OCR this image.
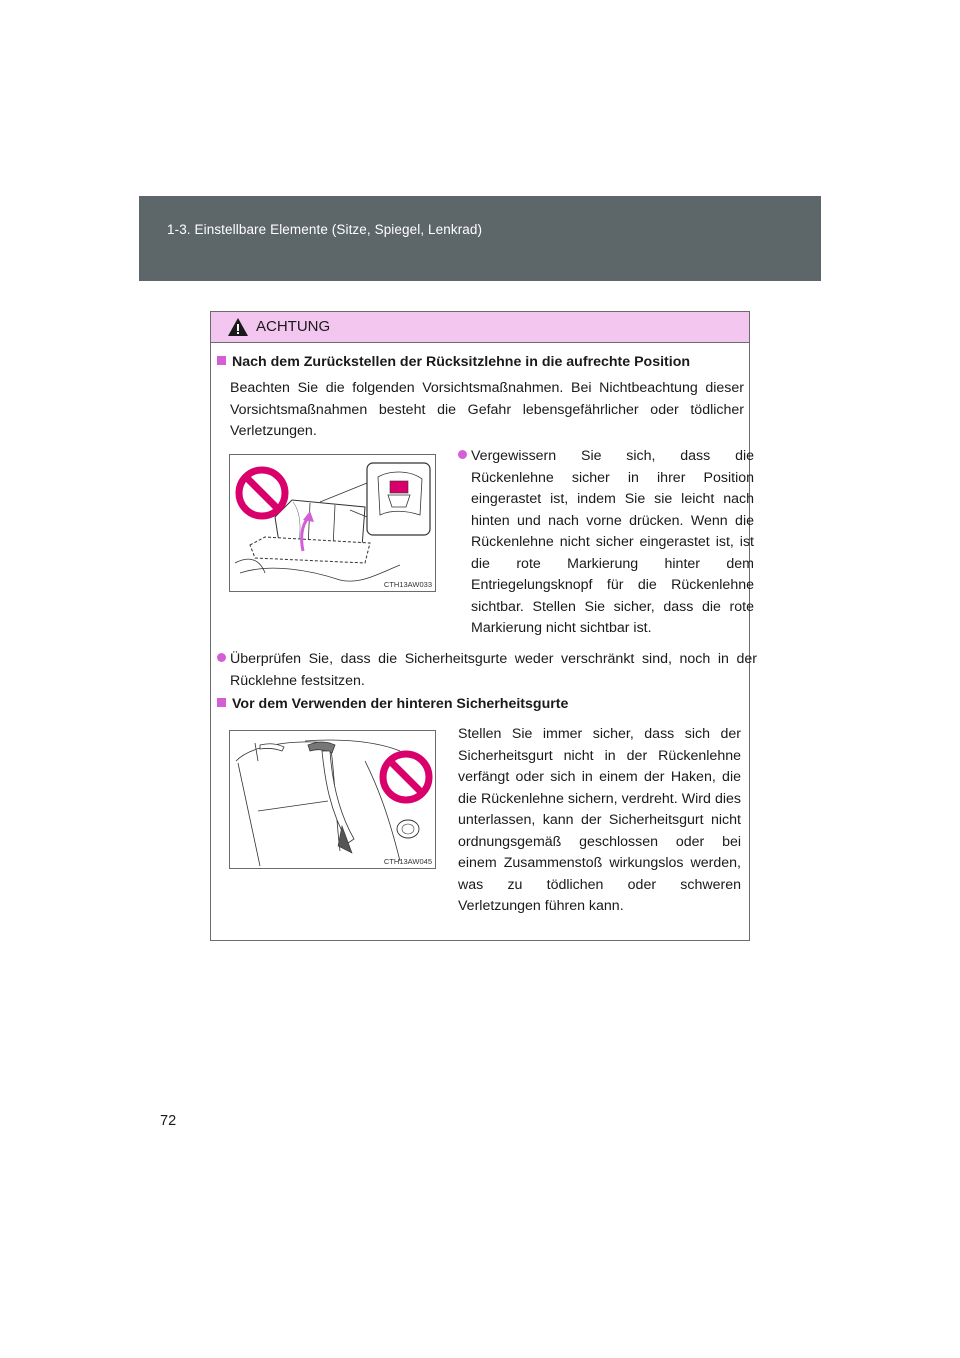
1-3. Einstellbare Elemente (Sitze, Spiegel, Lenkrad)
ACHTUNG
Nach dem Zurückstellen der Rücksitzlehne in die aufrechte Position
Beachten Sie die folgenden Vorsichtsmaßnahmen. Bei Nichtbeachtung dieser Vorsichtsmaßnahmen besteht die Gefahr lebensgefährlicher oder tödlicher Verletzungen.
CTH13AW033
Vergewissern Sie sich, dass die Rückenlehne sicher in ihrer Position eingerastet ist, indem Sie sie leicht nach hinten und nach vorne drücken. Wenn die Rückenlehne nicht sicher eingerastet ist, ist die rote Markierung hinter dem Entriegelungsknopf für die Rückenlehne sichtbar. Stellen Sie sicher, dass die rote Markierung nicht sichtbar ist.
Überprüfen Sie, dass die Sicherheitsgurte weder verschränkt sind, noch in der Rücklehne festsitzen.
Vor dem Verwenden der hinteren Sicherheitsgurte
CTH13AW045
Stellen Sie immer sicher, dass sich der Sicherheitsgurt nicht in der Rückenlehne verfängt oder sich in einem der Haken, die die Rückenlehne sichern, verdreht. Wird dies unterlassen, kann der Sicherheitsgurt nicht ordnungsgemäß geschlossen oder bei einem Zusammenstoß wirkungslos werden, was zu tödlichen oder schweren Verletzungen führen kann.
72
